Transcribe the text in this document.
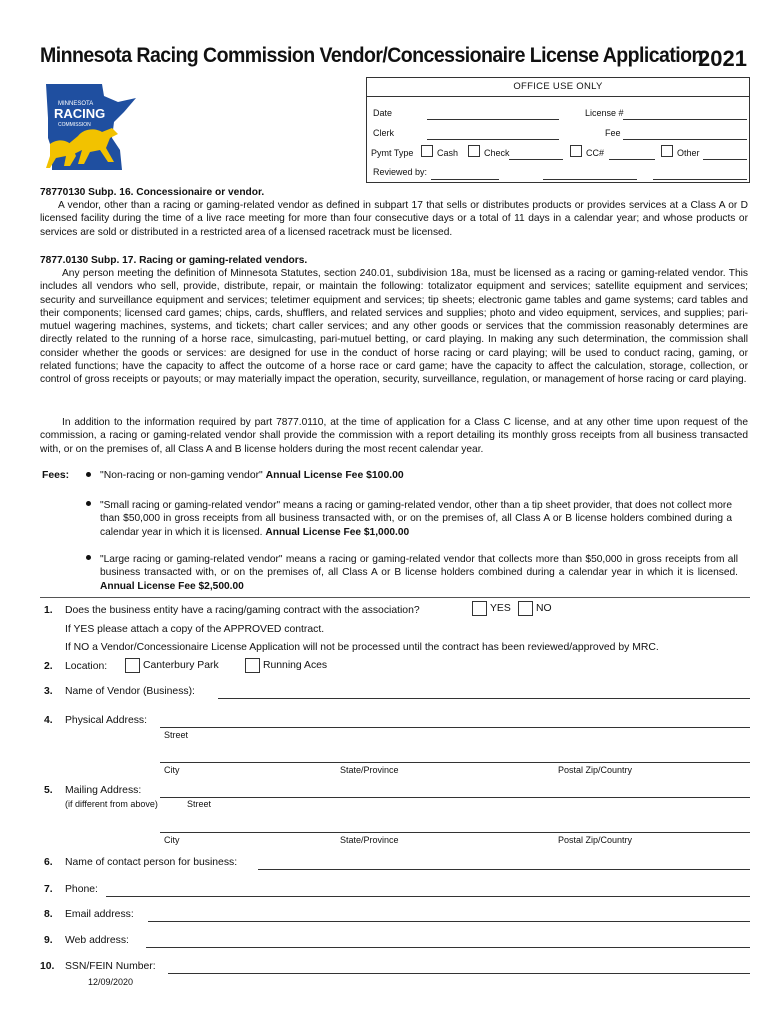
Minnesota Racing Commission Vendor/Concessionaire License Application
2021
MINNESOTA
RACING
COMMISSION
OFFICE USE ONLY
Date	License #
Clerk	Fee
Pymt Type	Cash	Check	CC#	Other
Reviewed by:
78770130 Subp. 16. Concessionaire or vendor.
A vendor, other than a racing or gaming-related vendor as defined in subpart 17 that sells or distributes products or provides services at a Class A or D licensed facility during the time of a live race meeting for more than four consecutive days or a total of 11 days in a calendar year; and whose products or services are sold or distributed in a restricted area of a licensed racetrack must be licensed.
7877.0130 Subp. 17. Racing or gaming-related vendors.
Any person meeting the definition of Minnesota Statutes, section 240.01, subdivision 18a, must be licensed as a racing or gaming-related vendor. This includes all vendors who sell, provide, distribute, repair, or maintain the following: totalizator equipment and services; satellite equipment and services; security and surveillance equipment and services; teletimer equipment and services; tip sheets; electronic game tables and game systems; card tables and their components; licensed card games; chips, cards, shufflers, and related services and supplies; photo and video equipment, services, and supplies; pari-mutuel wagering machines, systems, and tickets; chart caller services; and any other goods or services that the commission reasonably determines are directly related to the running of a horse race, simulcasting, pari-mutuel betting, or card playing. In making any such determination, the commission shall consider whether the goods or services: are designed for use in the conduct of horse racing or card playing; will be used to conduct racing, gaming, or related functions; have the capacity to affect the outcome of a horse race or card game; have the capacity to affect the calculation, storage, collection, or control of gross receipts or payouts; or may materially impact the operation, security, surveillance, regulation, or management of horse racing or card playing.
In addition to the information required by part 7877.0110, at the time of application for a Class C license, and at any other time upon request of the commission, a racing or gaming-related vendor shall provide the commission with a report detailing its monthly gross receipts from all business transacted with, or on the premises of, all Class A and B license holders during the most recent calendar year.
Fees:	"Non-racing or non-gaming vendor" Annual License Fee $100.00
"Small racing or gaming-related vendor" means a racing or gaming-related vendor, other than a tip sheet provider, that does not collect more than $50,000 in gross receipts from all business transacted with, or on the premises of, all Class A or B license holders combined during a calendar year in which it is licensed. Annual License Fee $1,000.00
"Large racing or gaming-related vendor" means a racing or gaming-related vendor that collects more than $50,000 in gross receipts from all business transacted with, or on the premises of, all Class A or B license holders combined during a calendar year in which it is licensed. Annual License Fee $2,500.00
1. Does the business entity have a racing/gaming contract with the association?	YES NO
If YES please attach a copy of the APPROVED contract.
If NO a Vendor/Concessionaire License Application will not be processed until the contract has been reviewed/approved by MRC.
2. Location:	Canterbury Park	Running Aces
3. Name of Vendor (Business):
4. Physical Address:
Street
City	State/Province	Postal Zip/Country
5. Mailing Address:
(if different from above)	Street
City	State/Province	Postal Zip/Country
6. Name of contact person for business:
7. Phone:
8. Email address:
9. Web address:
10. SSN/FEIN Number:
12/09/2020
